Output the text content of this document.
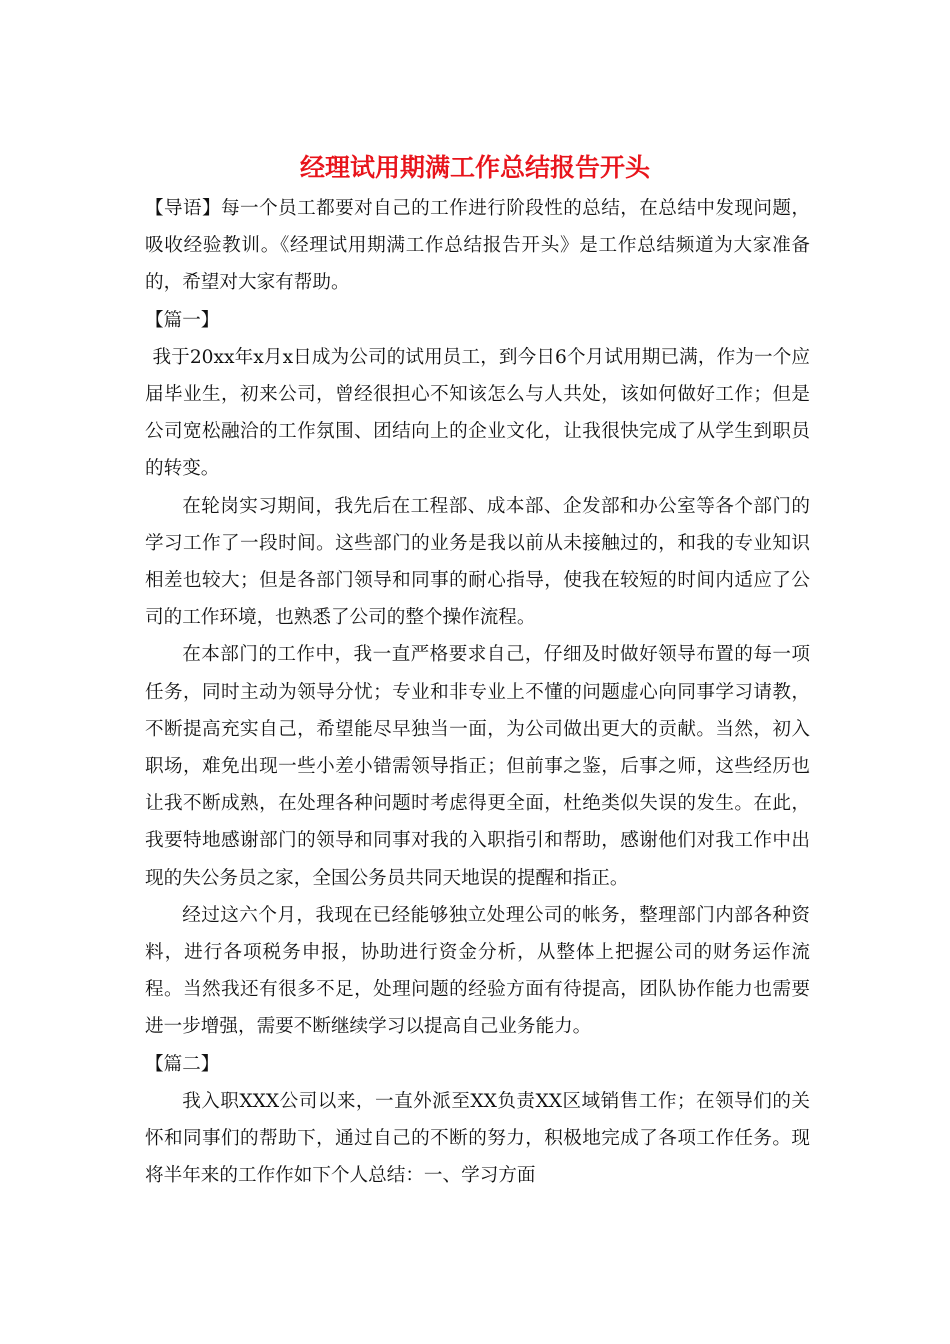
经理试用期满工作总结报告开头

【导语】每一个员工都要对自己的工作进行阶段性的总结，在总结中发现问题，吸收经验教训。《经理试用期满工作总结报告开头》是工作总结频道为大家准备的，希望对大家有帮助。

【篇一】

我于20xx年x月x日成为公司的试用员工，到今日6个月试用期已满，作为一个应届毕业生，初来公司，曾经很担心不知该怎么与人共处，该如何做好工作；但是公司宽松融洽的工作氛围、团结向上的企业文化，让我很快完成了从学生到职员的转变。

在轮岗实习期间，我先后在工程部、成本部、企发部和办公室等各个部门的学习工作了一段时间。这些部门的业务是我以前从未接触过的，和我的专业知识相差也较大；但是各部门领导和同事的耐心指导，使我在较短的时间内适应了公司的工作环境，也熟悉了公司的整个操作流程。

在本部门的工作中，我一直严格要求自己，仔细及时做好领导布置的每一项任务，同时主动为领导分忧；专业和非专业上不懂的问题虚心向同事学习请教，不断提高充实自己，希望能尽早独当一面，为公司做出更大的贡献。当然，初入职场，难免出现一些小差小错需领导指正；但前事之鉴，后事之师，这些经历也让我不断成熟，在处理各种问题时考虑得更全面，杜绝类似失误的发生。在此，我要特地感谢部门的领导和同事对我的入职指引和帮助，感谢他们对我工作中出现的失公务员之家，全国公务员共同天地误的提醒和指正。

经过这六个月，我现在已经能够独立处理公司的帐务，整理部门内部各种资料，进行各项税务申报，协助进行资金分析，从整体上把握公司的财务运作流程。当然我还有很多不足，处理问题的经验方面有待提高，团队协作能力也需要进一步增强，需要不断继续学习以提高自己业务能力。

【篇二】

我入职XXX公司以来，一直外派至XX负责XX区域销售工作；在领导们的关怀和同事们的帮助下，通过自己的不断的努力，积极地完成了各项工作任务。现将半年来的工作作如下个人总结：一、学习方面
